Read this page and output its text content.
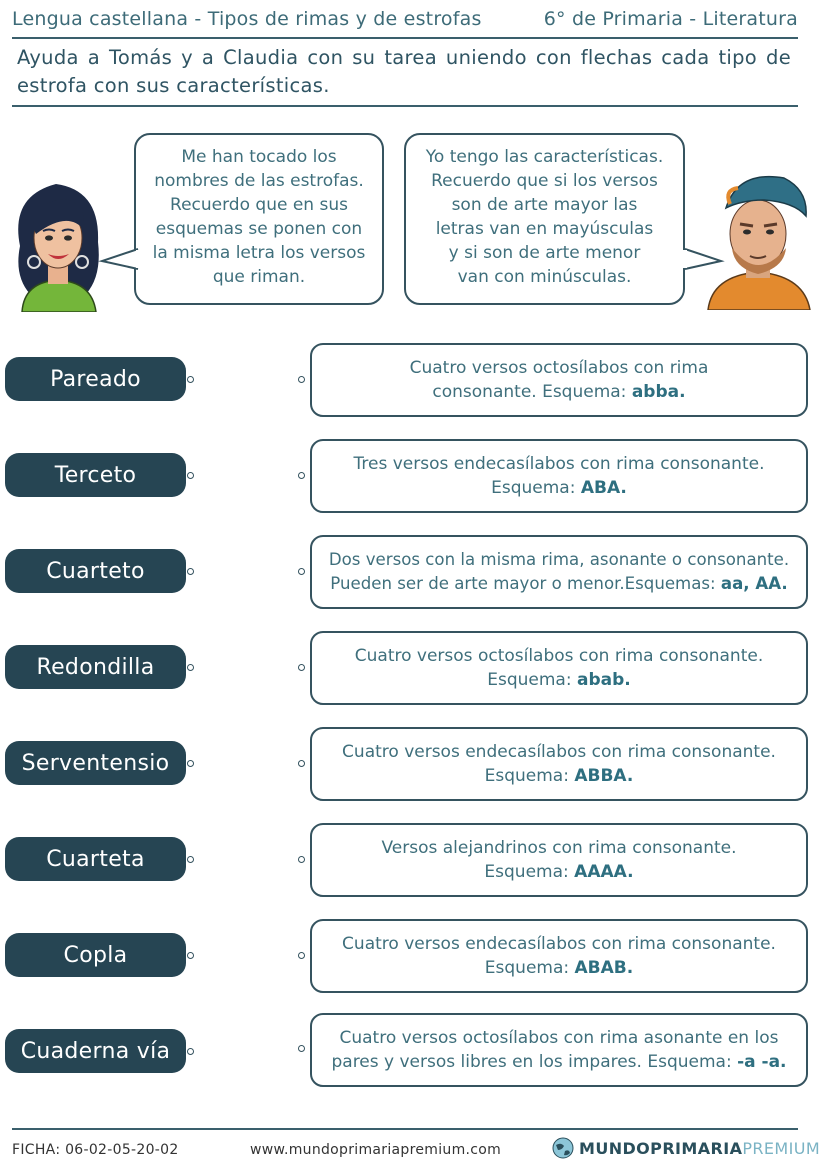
Lengua castellana - Tipos de rimas y de estrofas	6° de Primaria - Literatura
Ayuda a Tomás y a Claudia con su tarea uniendo con flechas cada tipo de estrofa con sus características.
Me han tocado los
nombres de las estrofas.
Recuerdo que en sus
esquemas se ponen con
la misma letra los versos
que riman.
Yo tengo las características.
Recuerdo que si los versos
son de arte mayor las
letras van en mayúsculas
y si son de arte menor
van con minúsculas.
Pareado	Cuatro versos octosílabos con rima
consonante. Esquema: abba.
Terceto	Tres versos endecasílabos con rima consonante.
Esquema: ABA.
Cuarteto	Dos versos con la misma rima, asonante o consonante.
Pueden ser de arte mayor o menor.Esquemas: aa, AA.
Redondilla	Cuatro versos octosílabos con rima consonante.
Esquema: abab.
Serventensio	Cuatro versos endecasílabos con rima consonante.
Esquema: ABBA.
Cuarteta	Versos alejandrinos con rima consonante.
Esquema: AAAA.
Copla	Cuatro versos endecasílabos con rima consonante.
Esquema: ABAB.
Cuaderna vía
Cuatro versos octosílabos con rima asonante en los
pares y versos libres en los impares. Esquema: -a -a.
FICHA: 06-02-05-20-02	www.mundoprimariapremium.com	MUNDOPRIMARIAPREMIUM
